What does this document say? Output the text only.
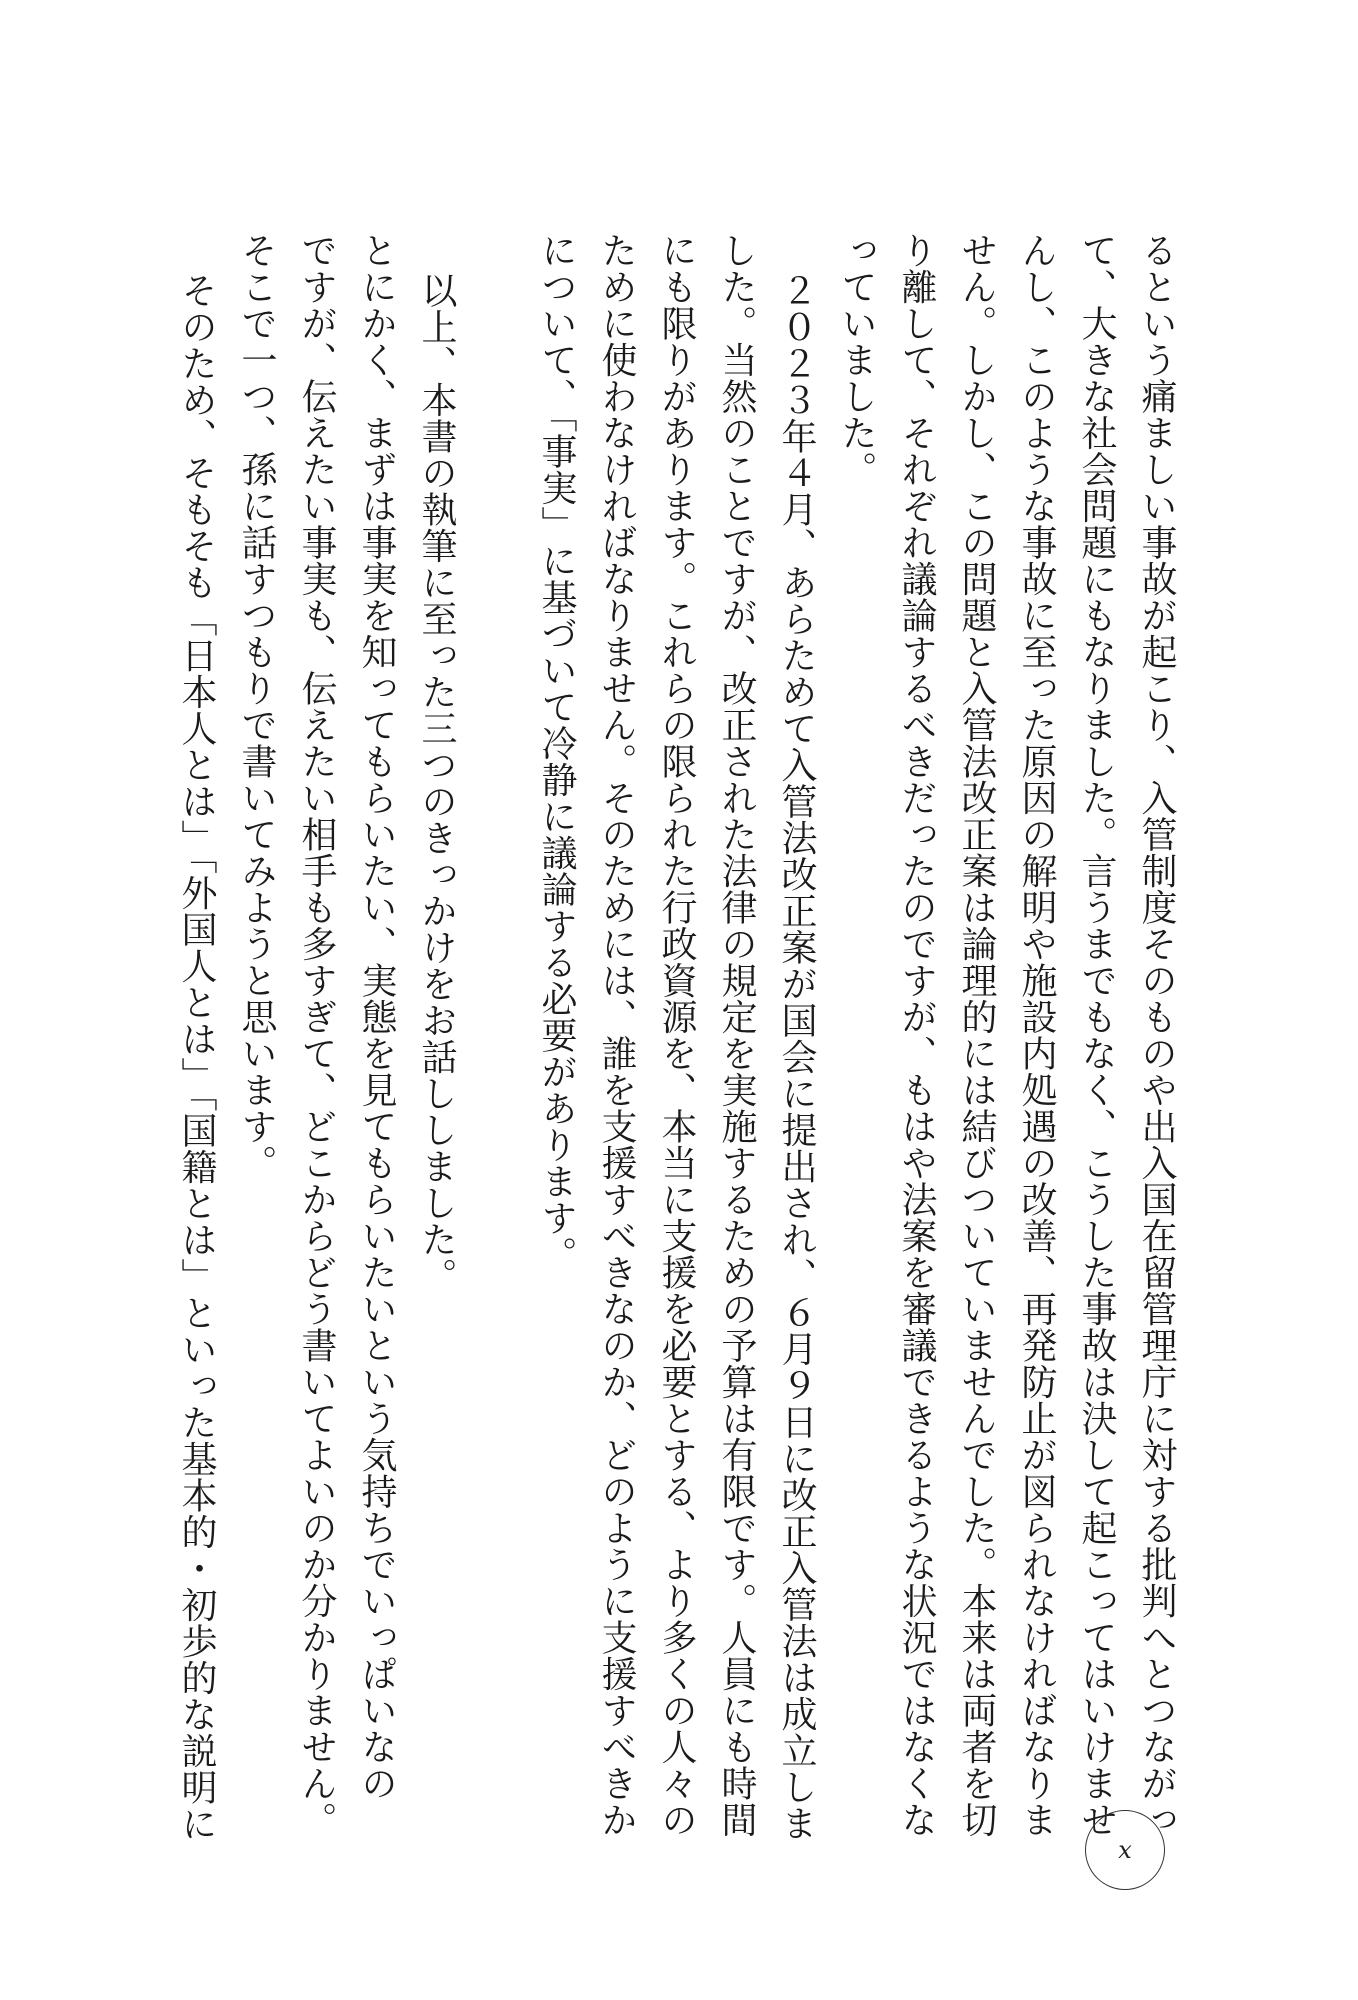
るという痛ましい事故が起こり、入管制度そのものや出入国在留管理庁に対する批判へとつながっ
て、大きな社会問題にもなりました。言うまでもなく、こうした事故は決して起こってはいけませ
んし、このような事故に至った原因の解明や施設内処遇の改善、再発防止が図られなければなりま
せん。しかし、この問題と入管法改正案は論理的には結びついていませんでした。本来は両者を切
り離して、それぞれ議論するべきだったのですが、もはや法案を審議できるような状況ではなくな
っていました。
２０２３年４月、あらためて入管法改正案が国会に提出され、６月９日に改正入管法は成立しま
した。当然のことですが、改正された法律の規定を実施するための予算は有限です。人員にも時間
にも限りがあります。これらの限られた行政資源を、本当に支援を必要とする、より多くの人々の
ために使わなければなりません。そのためには、誰を支援すべきなのか、どのように支援すべきか
について、「事実」に基づいて冷静に議論する必要があります。
以上、本書の執筆に至った三つのきっかけをお話ししました。
とにかく、まずは事実を知ってもらいたい、実態を見てもらいたいという気持ちでいっぱいなの
ですが、伝えたい事実も、伝えたい相手も多すぎて、どこからどう書いてよいのか分かりません。
そこで一つ、孫に話すつもりで書いてみようと思います。
そのため、そもそも「日本人とは」「外国人とは」「国籍とは」といった基本的・初歩的な説明に
x
